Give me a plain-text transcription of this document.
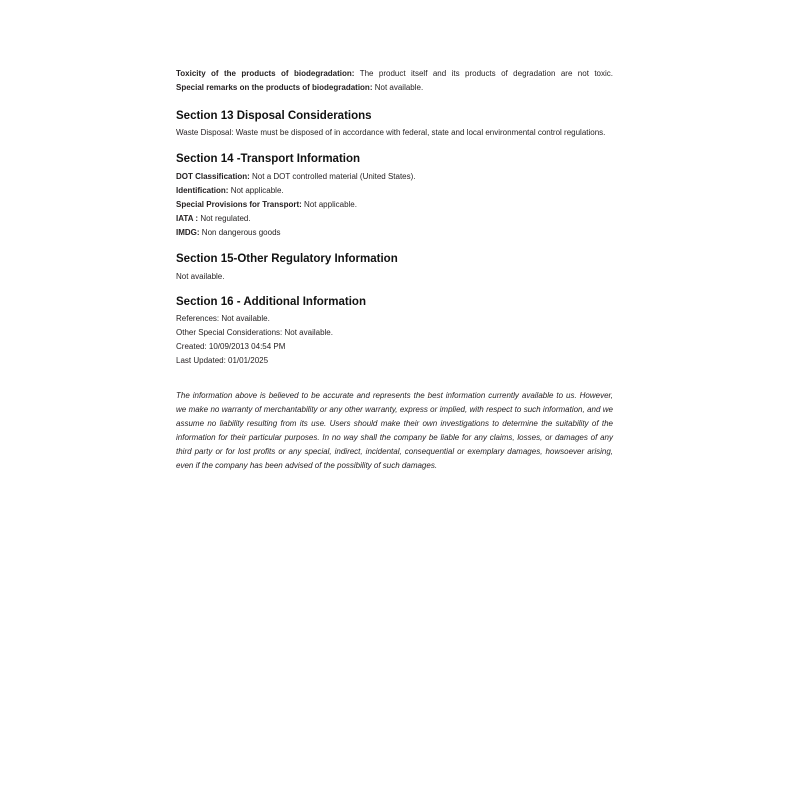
Toxicity of the products of biodegradation: The product itself and its products of degradation are not toxic.

Special remarks on the products of biodegradation: Not available.

Section 13 Disposal Considerations

Waste Disposal: Waste must be disposed of in accordance with federal, state and local environmental control regulations.

Section 14 -Transport Information

DOT Classification: Not a DOT controlled material (United States).

Identification: Not applicable.

Special Provisions for Transport: Not applicable.

IATA : Not regulated.

IMDG: Non dangerous goods

Section 15-Other Regulatory Information

Not available.

Section 16 - Additional Information

References: Not available.

Other Special Considerations: Not available.

Created: 10/09/2013 04:54 PM

Last Updated: 01/01/2025

The information above is believed to be accurate and represents the best information currently available to us. However, we make no warranty of merchantability or any other warranty, express or implied, with respect to such information, and we assume no liability resulting from its use. Users should make their own investigations to determine the suitability of the information for their particular purposes. In no way shall the company be liable for any claims, losses, or damages of any third party or for lost profits or any special, indirect, incidental, consequential or exemplary damages, howsoever arising, even if the company has been advised of the possibility of such damages.
